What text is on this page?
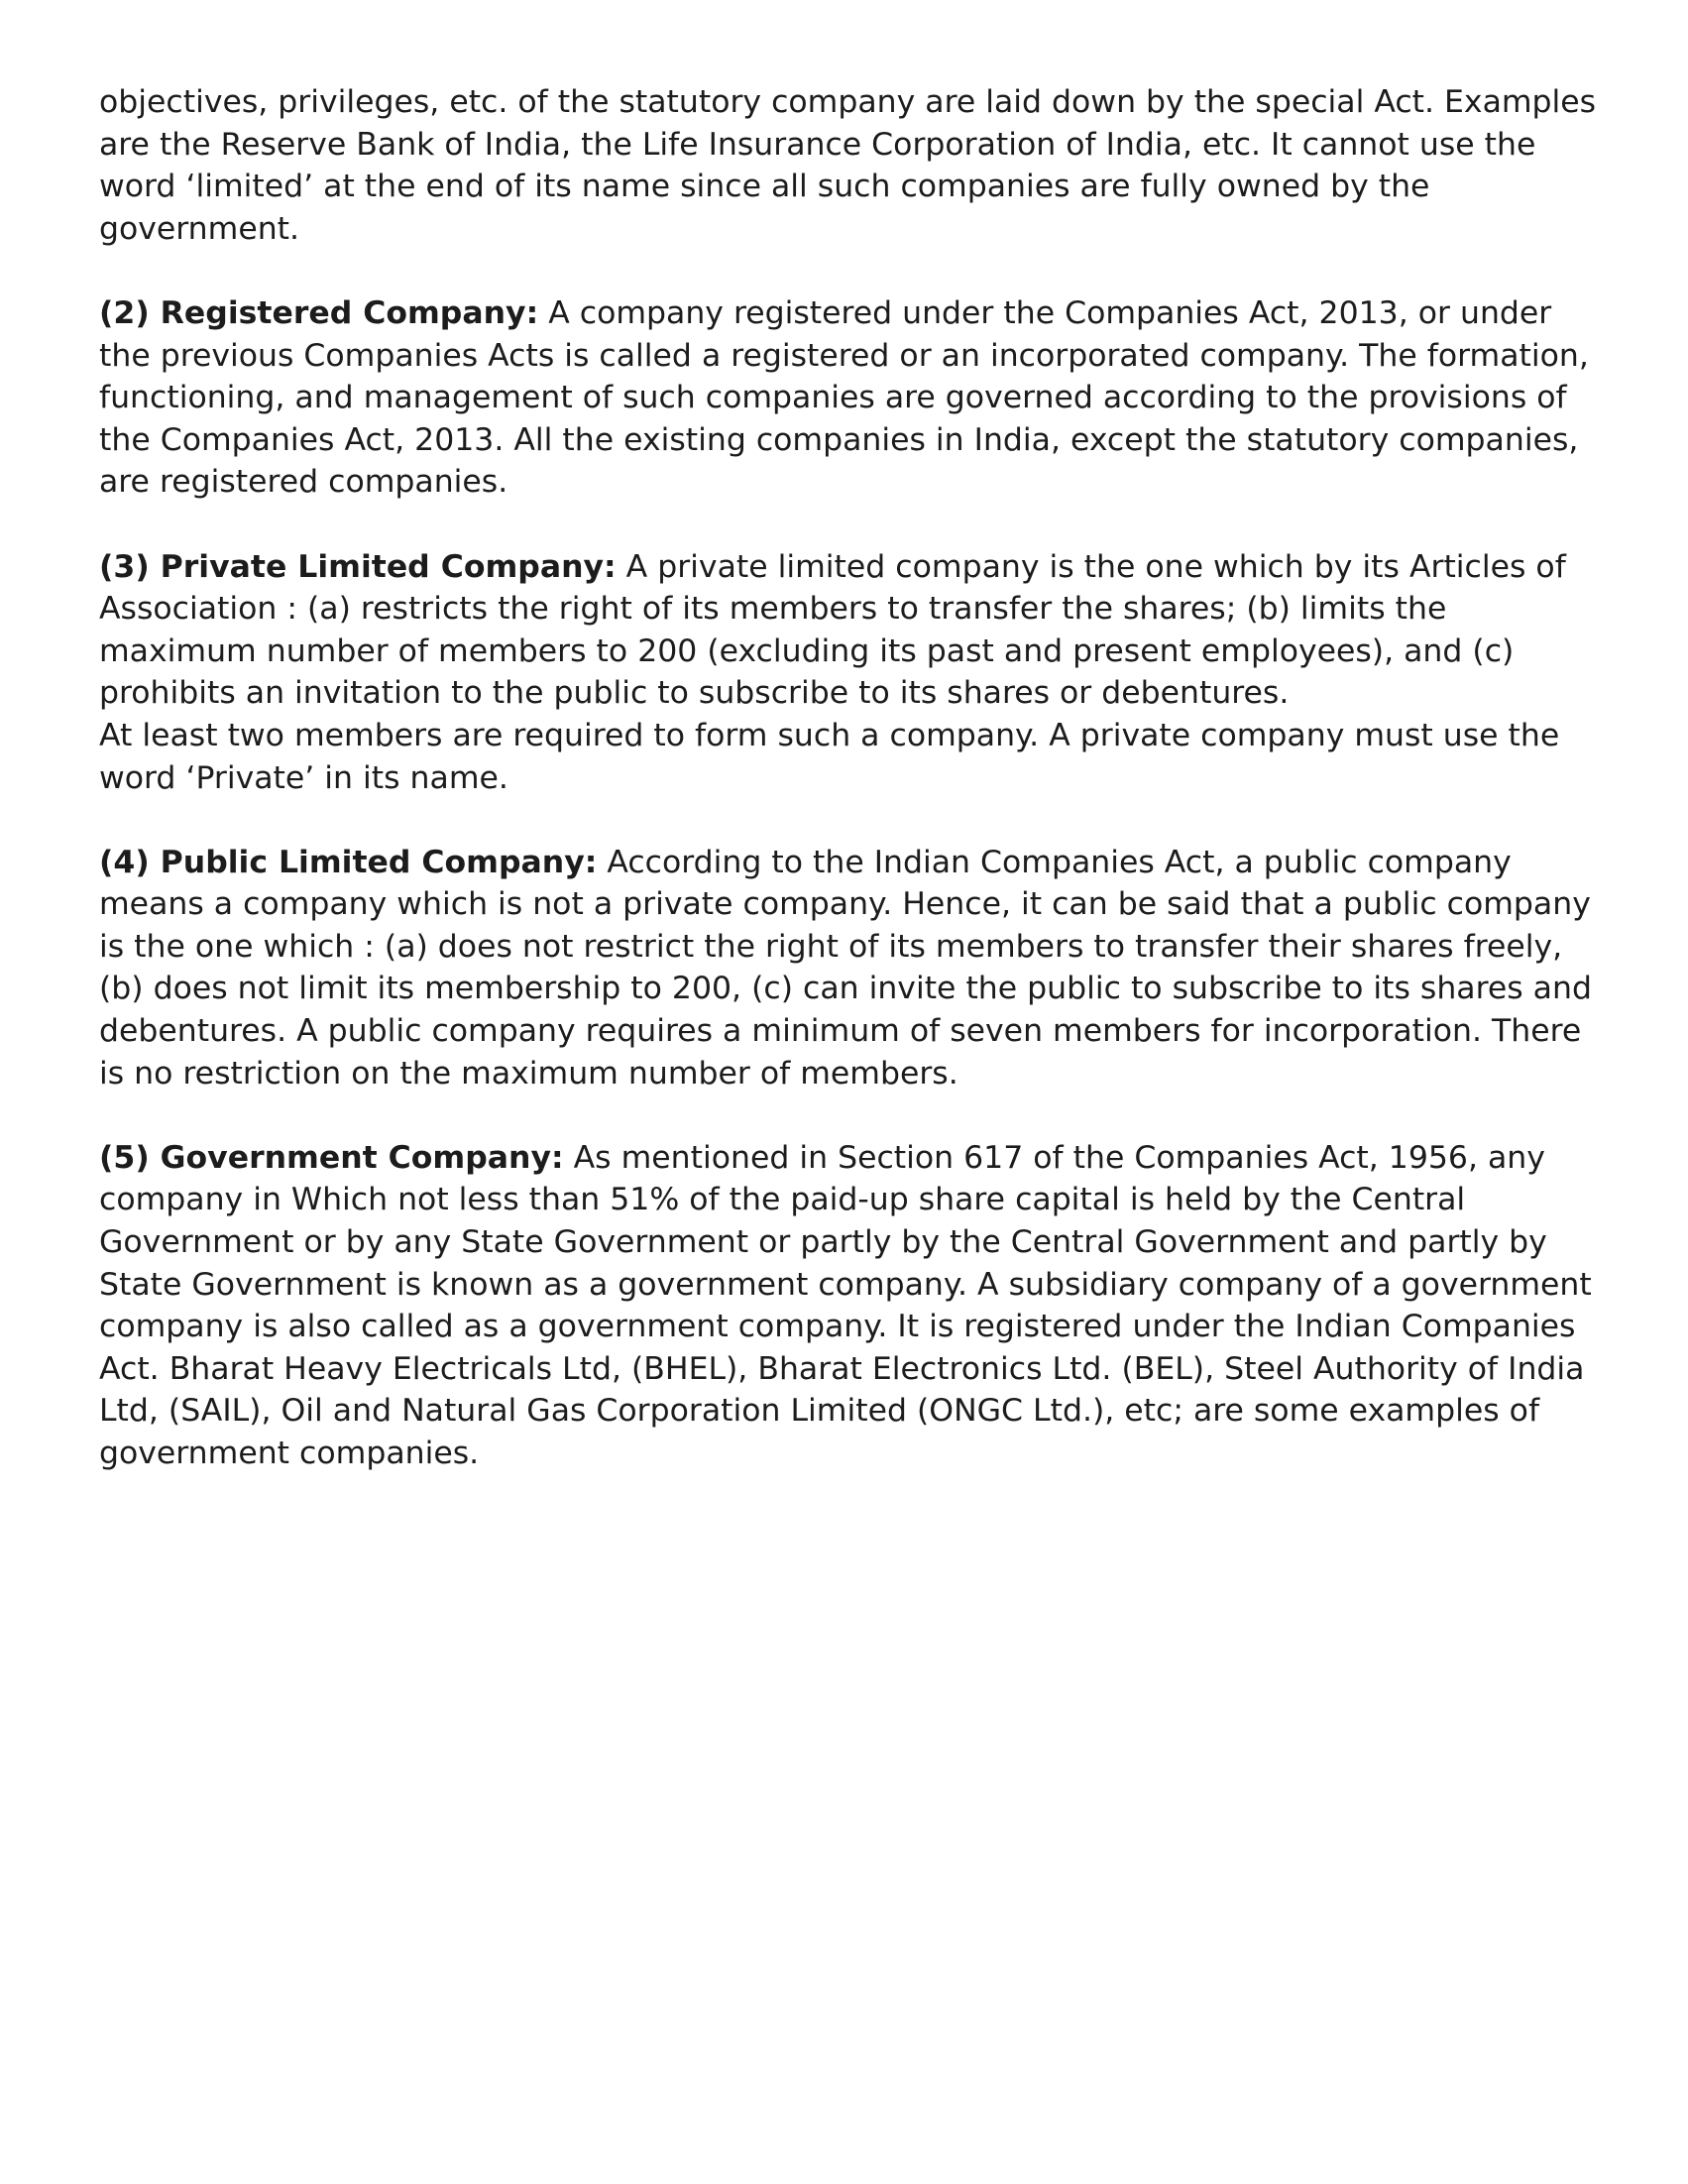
objectives, privileges, etc. of the statutory company are laid down by the special Act. Examples are the Reserve Bank of India, the Life Insurance Corporation of India, etc. It cannot use the word ‘limited’ at the end of its name since all such companies are fully owned by the government.

(2) Registered Company: A company registered under the Companies Act, 2013, or under the previous Companies Acts is called a registered or an incorporated company. The formation, functioning, and management of such companies are governed according to the provisions of the Companies Act, 2013. All the existing companies in India, except the statutory companies, are registered companies.

(3) Private Limited Company: A private limited company is the one which by its Articles of Association : (a) restricts the right of its members to transfer the shares; (b) limits the maximum number of members to 200 (excluding its past and present employees), and (c) prohibits an invitation to the public to subscribe to its shares or debentures.

At least two members are required to form such a company. A private company must use the word ‘Private’ in its name.

(4) Public Limited Company: According to the Indian Companies Act, a public company means a company which is not a private company. Hence, it can be said that a public company is the one which : (a) does not restrict the right of its members to transfer their shares freely, (b) does not limit its membership to 200, (c) can invite the public to subscribe to its shares and debentures. A public company requires a minimum of seven members for incorporation. There is no restriction on the maximum number of members.

(5) Government Company: As mentioned in Section 617 of the Companies Act, 1956, any company in Which not less than 51% of the paid-up share capital is held by the Central Government or by any State Government or partly by the Central Government and partly by State Government is known as a government company. A subsidiary company of a government company is also called as a government company. It is registered under the Indian Companies Act. Bharat Heavy Electricals Ltd, (BHEL), Bharat Electronics Ltd. (BEL), Steel Authority of India Ltd, (SAIL), Oil and Natural Gas Corporation Limited (ONGC Ltd.), etc; are some examples of government companies.
